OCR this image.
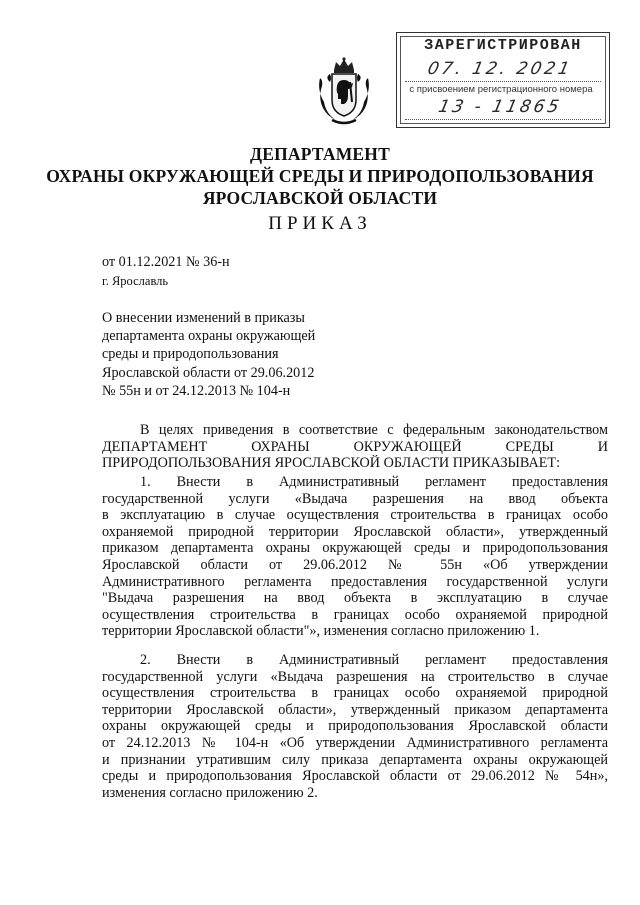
ЗАРЕГИСТРИРОВАН
07. 12. 2021
с присвоением регистрационного номера
13 - 11865
ДЕПАРТАМЕНТ
ОХРАНЫ ОКРУЖАЮЩЕЙ СРЕДЫ И ПРИРОДОПОЛЬЗОВАНИЯ
ЯРОСЛАВСКОЙ ОБЛАСТИ
ПРИКАЗ
от 01.12.2021 № 36-н
г. Ярославль
О внесении изменений в приказы
департамента охраны окружающей
среды и природопользования
Ярославской области от 29.06.2012
№ 55н и от 24.12.2013 № 104-н
В целях приведения в соответствие с федеральным законодательством
ДЕПАРТАМЕНТ ОХРАНЫ ОКРУЖАЮЩЕЙ СРЕДЫ И
ПРИРОДОПОЛЬЗОВАНИЯ ЯРОСЛАВСКОЙ ОБЛАСТИ ПРИКАЗЫВАЕТ:
1. Внести в Административный регламент предоставления
государственной услуги «Выдача разрешения на ввод объекта
в эксплуатацию в случае осуществления строительства в границах особо
охраняемой природной территории Ярославской области», утвержденный
приказом департамента охраны окружающей среды и природопользования
Ярославской области от 29.06.2012 № 55н «Об утверждении
Административного регламента предоставления государственной услуги
"Выдача разрешения на ввод объекта в эксплуатацию в случае
осуществления строительства в границах особо охраняемой природной
территории Ярославской области"», изменения согласно приложению 1.
2. Внести в Административный регламент предоставления
государственной услуги «Выдача разрешения на строительство в случае
осуществления строительства в границах особо охраняемой природной
территории Ярославской области», утвержденный приказом департамента
охраны окружающей среды и природопользования Ярославской области
от 24.12.2013 № 104-н «Об утверждении Административного регламента
и признании утратившим силу приказа департамента охраны окружающей
среды и природопользования Ярославской области от 29.06.2012 № 54н»,
изменения согласно приложению 2.
